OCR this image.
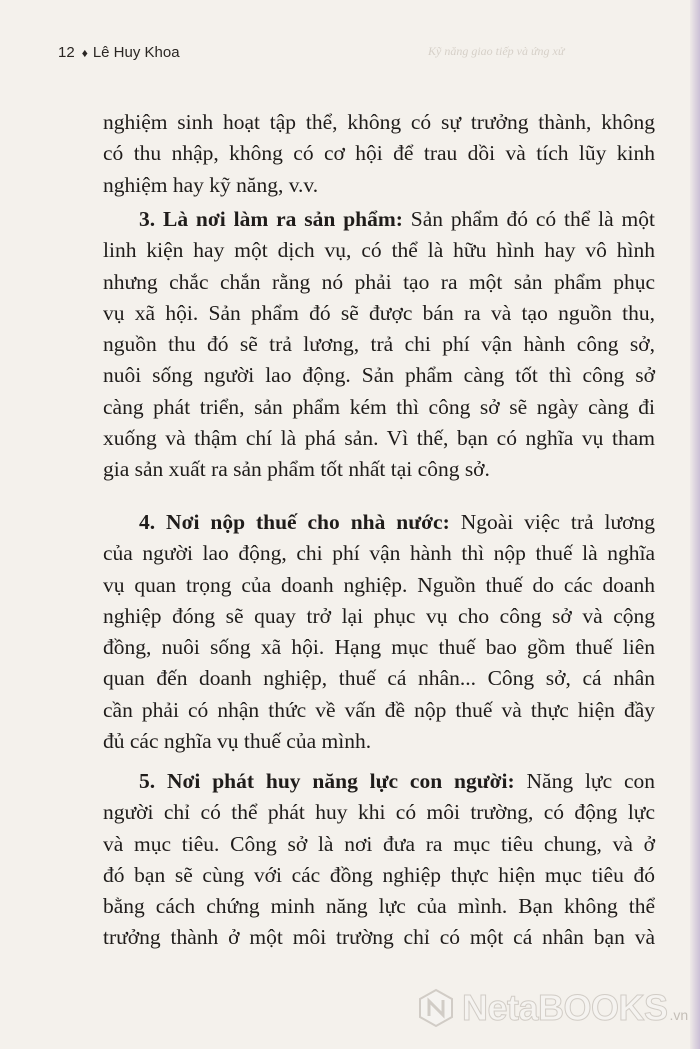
12 ♦ Lê Huy Khoa	Kỹ năng giao tiếp và ứng xử

nghiệm sinh hoạt tập thể, không có sự trưởng thành, không
có thu nhập, không có cơ hội để trau dồi và tích lũy kinh
nghiệm hay kỹ năng, v.v.

3. Là nơi làm ra sản phẩm: Sản phẩm đó có thể là một
linh kiện hay một dịch vụ, có thể là hữu hình hay vô hình
nhưng chắc chắn rằng nó phải tạo ra một sản phẩm phục
vụ xã hội. Sản phẩm đó sẽ được bán ra và tạo nguồn thu,
nguồn thu đó sẽ trả lương, trả chi phí vận hành công sở,
nuôi sống người lao động. Sản phẩm càng tốt thì công sở
càng phát triển, sản phẩm kém thì công sở sẽ ngày càng đi
xuống và thậm chí là phá sản. Vì thế, bạn có nghĩa vụ tham
gia sản xuất ra sản phẩm tốt nhất tại công sở.

4. Nơi nộp thuế cho nhà nước: Ngoài việc trả lương
của người lao động, chi phí vận hành thì nộp thuế là nghĩa
vụ quan trọng của doanh nghiệp. Nguồn thuế do các doanh
nghiệp đóng sẽ quay trở lại phục vụ cho công sở và cộng
đồng, nuôi sống xã hội. Hạng mục thuế bao gồm thuế liên
quan đến doanh nghiệp, thuế cá nhân... Công sở, cá nhân
cần phải có nhận thức về vấn đề nộp thuế và thực hiện đầy
đủ các nghĩa vụ thuế của mình.

5. Nơi phát huy năng lực con người: Năng lực con
người chỉ có thể phát huy khi có môi trường, có động lực
và mục tiêu. Công sở là nơi đưa ra mục tiêu chung, và ở
đó bạn sẽ cùng với các đồng nghiệp thực hiện mục tiêu đó
bằng cách chứng minh năng lực của mình. Bạn không thể
trưởng thành ở một môi trường chỉ có một cá nhân bạn và

NetaBOOKS .vn
